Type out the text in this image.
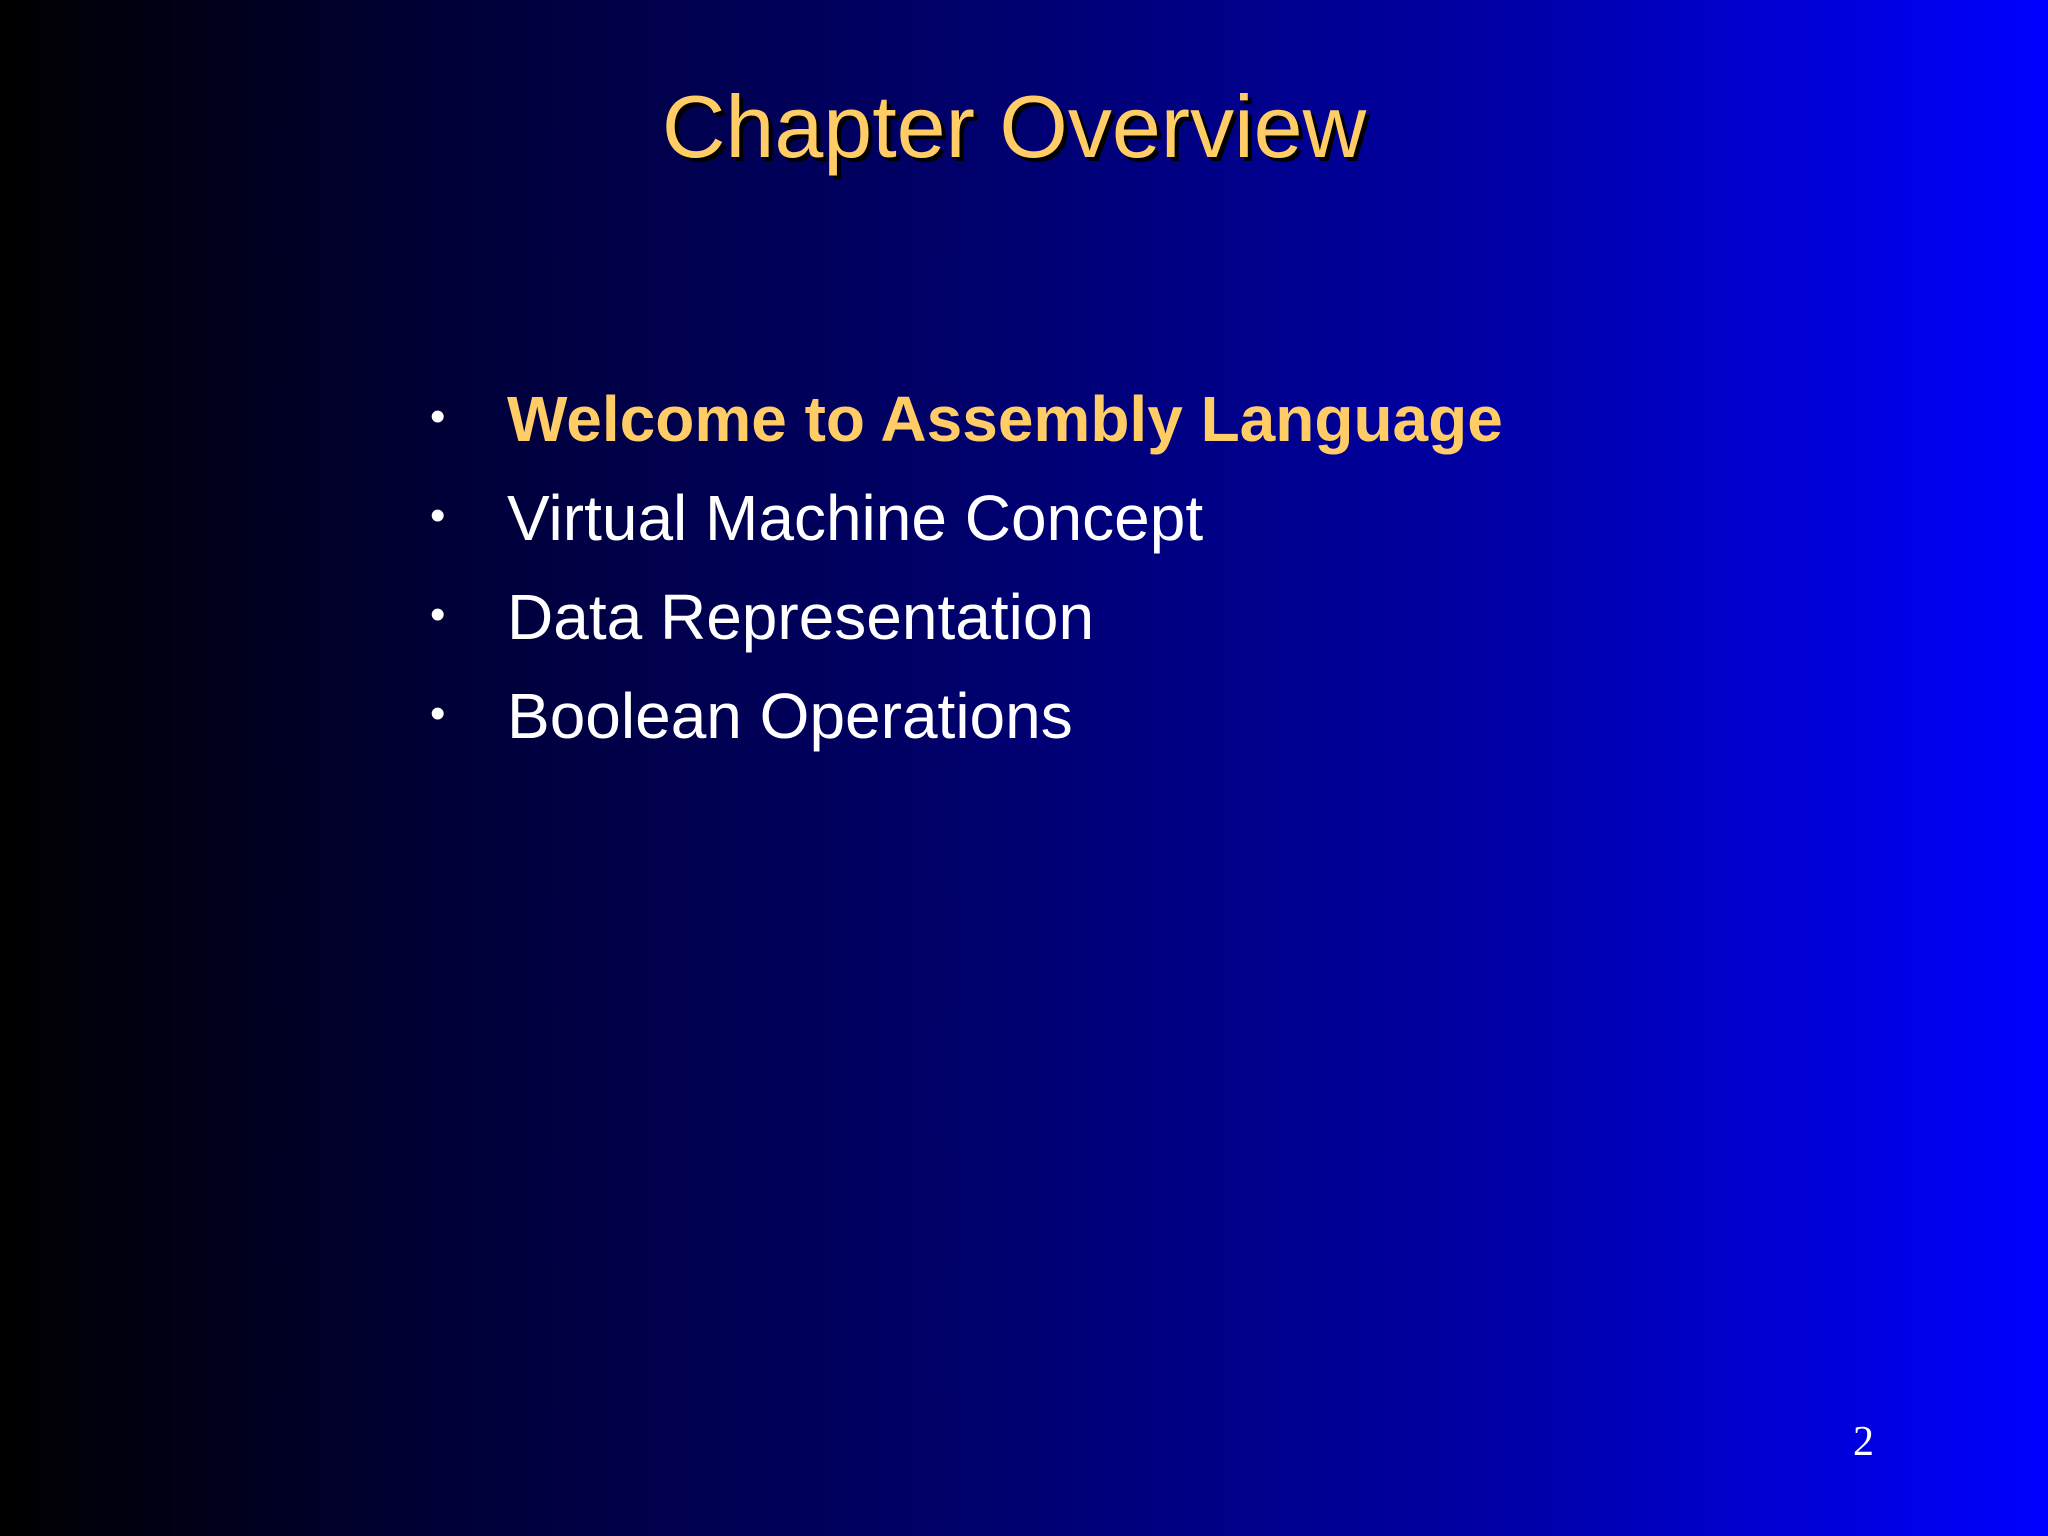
Chapter Overview
• Welcome to Assembly Language
• Virtual Machine Concept
• Data Representation
• Boolean Operations
2
